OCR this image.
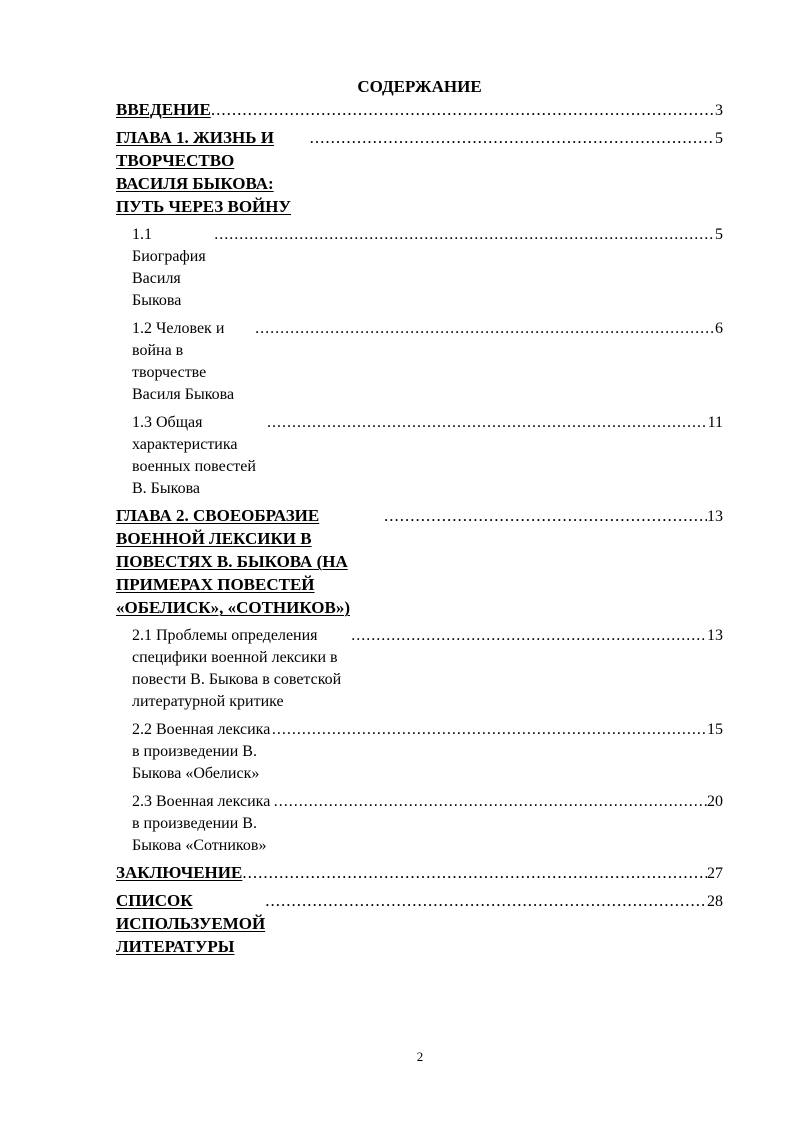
СОДЕРЖАНИЕ
ВВЕДЕНИЕ .....	3
ГЛАВА 1. ЖИЗНЬ И ТВОРЧЕСТВО ВАСИЛЯ БЫКОВА: ПУТЬ ЧЕРЕЗ ВОЙНУ
.....
5
1.1 Биография Василя Быкова
.....
5
1.2 Человек и война в творчестве Василя Быкова
.....
6
1.3 Общая характеристика военных повестей В. Быкова
.....
11
ГЛАВА 2. СВОЕОБРАЗИЕ ВОЕННОЙ ЛЕКСИКИ В ПОВЕСТЯХ В. БЫКОВА (НА ПРИМЕРАХ ПОВЕСТЕЙ «ОБЕЛИСК», «СОТНИКОВ»)
.....
13
2.1 Проблемы определения специфики военной лексики в повести В. Быкова в советской литературной критике
.....
13
2.2 Военная лексика в произведении В. Быкова «Обелиск»
.....
15
2.3 Военная лексика в произведении В. Быкова «Сотников»
.....
20
ЗАКЛЮЧЕНИЕ .....	27
СПИСОК ИСПОЛЬЗУЕМОЙ ЛИТЕРАТУРЫ
.....
28
2
